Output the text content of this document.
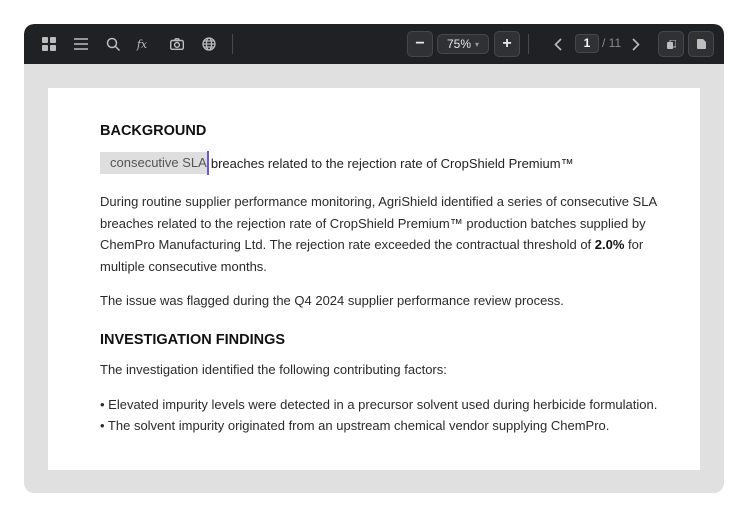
fx	− 75% ▾ +	1 / 11
BACKGROUND
consecutive SLA breaches related to the rejection rate of CropShield Premium™

During routine supplier performance monitoring, AgriShield identified a series of consecutive SLA breaches related to the rejection rate of CropShield Premium™ production batches supplied by ChemPro Manufacturing Ltd. The rejection rate exceeded the contractual threshold of 2.0% for multiple consecutive months.

The issue was flagged during the Q4 2024 supplier performance review process.

INVESTIGATION FINDINGS

The investigation identified the following contributing factors:

• Elevated impurity levels were detected in a precursor solvent used during herbicide formulation.
• The solvent impurity originated from an upstream chemical vendor supplying ChemPro.
